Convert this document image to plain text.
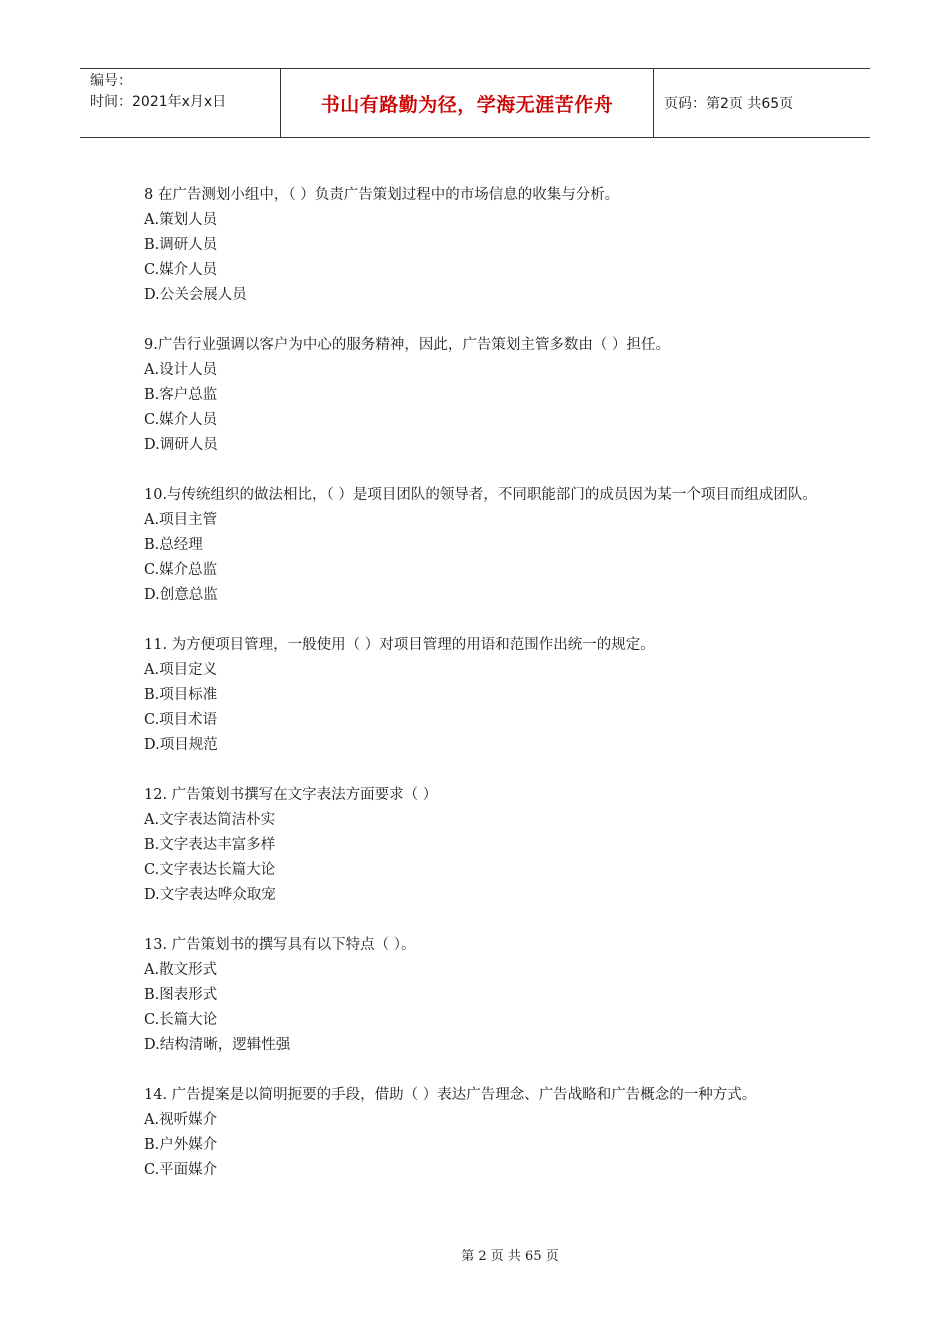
编号：
时间：2021年x月x日	书山有路勤为径，学海无涯苦作舟	页码：第2页 共65页

8 在广告测划小组中，（ ）负责广告策划过程中的市场信息的收集与分析。

A.策划人员

B.调研人员

C.媒介人员

D.公关会展人员

9.广告行业强调以客户为中心的服务精神，因此，广告策划主管多数由（ ）担任。

A.设计人员

B.客户总监

C.媒介人员

D.调研人员

10.与传统组织的做法相比，（ ）是项目团队的领导者，不同职能部门的成员因为某一个项目而组成团队。

A.项目主管

B.总经理

C.媒介总监

D.创意总监

11. 为方便项目管理，一般使用（ ）对项目管理的用语和范围作出统一的规定。

A.项目定义

B.项目标准

C.项目术语

D.项目规范

12. 广告策划书撰写在文字表法方面要求（ ）

A.文字表达简洁朴实

B.文字表达丰富多样

C.文字表达长篇大论

D.文字表达哗众取宠

13. 广告策划书的撰写具有以下特点（ ）。

A.散文形式

B.图表形式

C.长篇大论

D.结构清晰，逻辑性强

14. 广告提案是以简明扼要的手段，借助（ ）表达广告理念、广告战略和广告概念的一种方式。

A.视听媒介

B.户外媒介

C.平面媒介

第 2 页 共 65 页
